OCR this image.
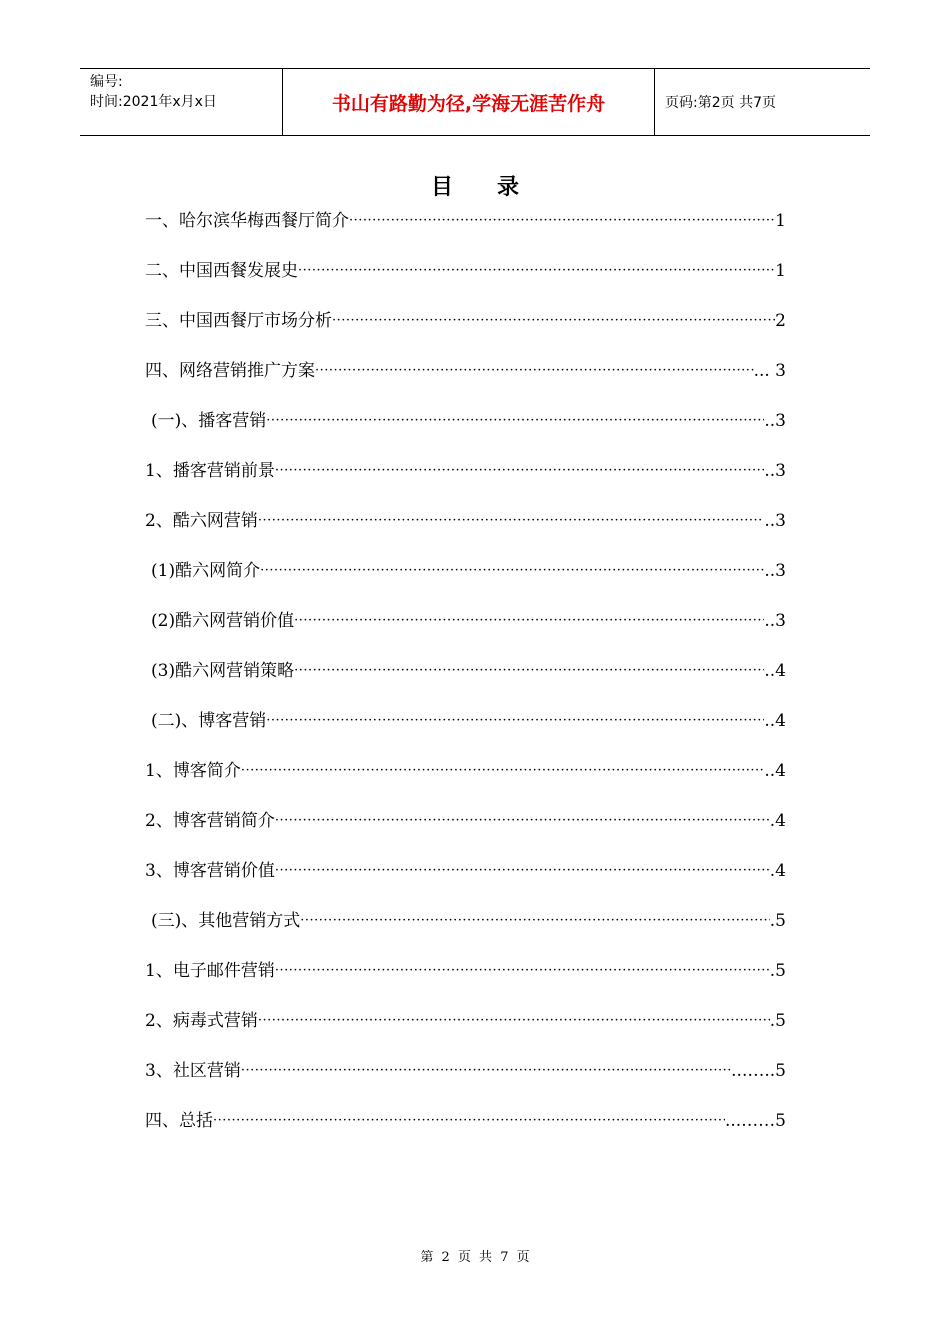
编号:
时间:2021年x月x日	书山有路勤为径,学海无涯苦作舟	页码:第2页 共7页
目录
一、哈尔滨华梅西餐厅简介 ·····	1
二、中国西餐发展史 ·····	1
三、中国西餐厅市场分析 ·····	2
四、网络营销推广方案 ·····	... 3
(一)、播客营销 ·····	..3
1、播客营销前景 ·····	..3
2、酷六网营销 ·····	..3
(1)酷六网简介 ·····	..3
(2)酷六网营销价值 ·····	..3
(3)酷六网营销策略 ·····	..4
(二)、博客营销 ·····	..4
1、博客简介 ·····	..4
2、博客营销简介 ·····	.4
3、博客营销价值 ·····	.4
(三)、其他营销方式 ·····	.5
1、电子邮件营销 ·····	.5
2、病毒式营销 ·····	.5
3、社区营销 ·····	...…..5
四、总括 ·····	...……5
第 2 页 共 7 页
